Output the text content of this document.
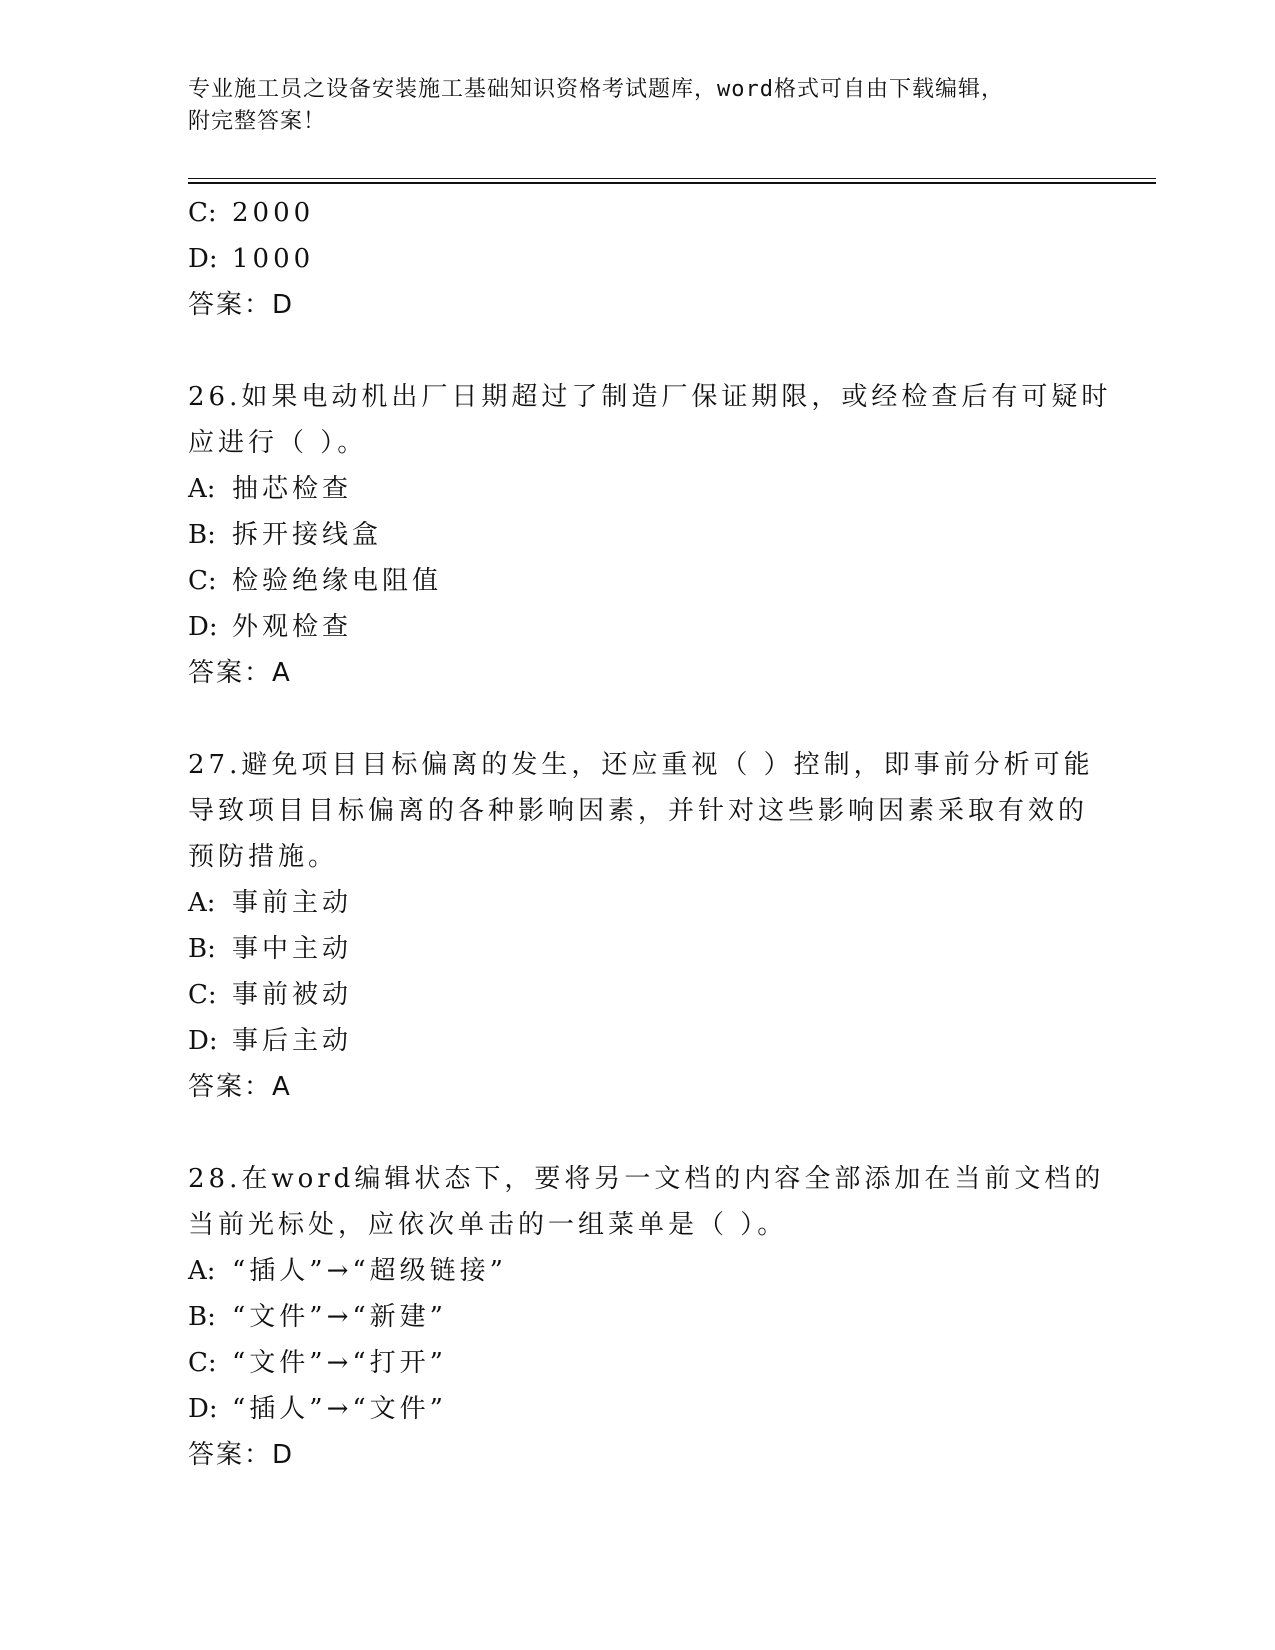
专业施工员之设备安装施工基础知识资格考试题库，word格式可自由下载编辑，
附完整答案！
C: 2000
D: 1000
答案：D
26.如果电动机出厂日期超过了制造厂保证期限，或经检查后有可疑时
应进行（ ）。
A: 抽芯检查
B: 拆开接线盒
C: 检验绝缘电阻值
D: 外观检查
答案：A
27.避免项目目标偏离的发生，还应重视（ ）控制，即事前分析可能
导致项目目标偏离的各种影响因素，并针对这些影响因素采取有效的
预防措施。
A: 事前主动
B: 事中主动
C: 事前被动
D: 事后主动
答案：A
28.在word编辑状态下，要将另一文档的内容全部添加在当前文档的
当前光标处，应依次单击的一组菜单是（ ）。
A: “插人”→“超级链接”
B: “文件”→“新建”
C: “文件”→“打开”
D: “插人”→“文件”
答案：D
